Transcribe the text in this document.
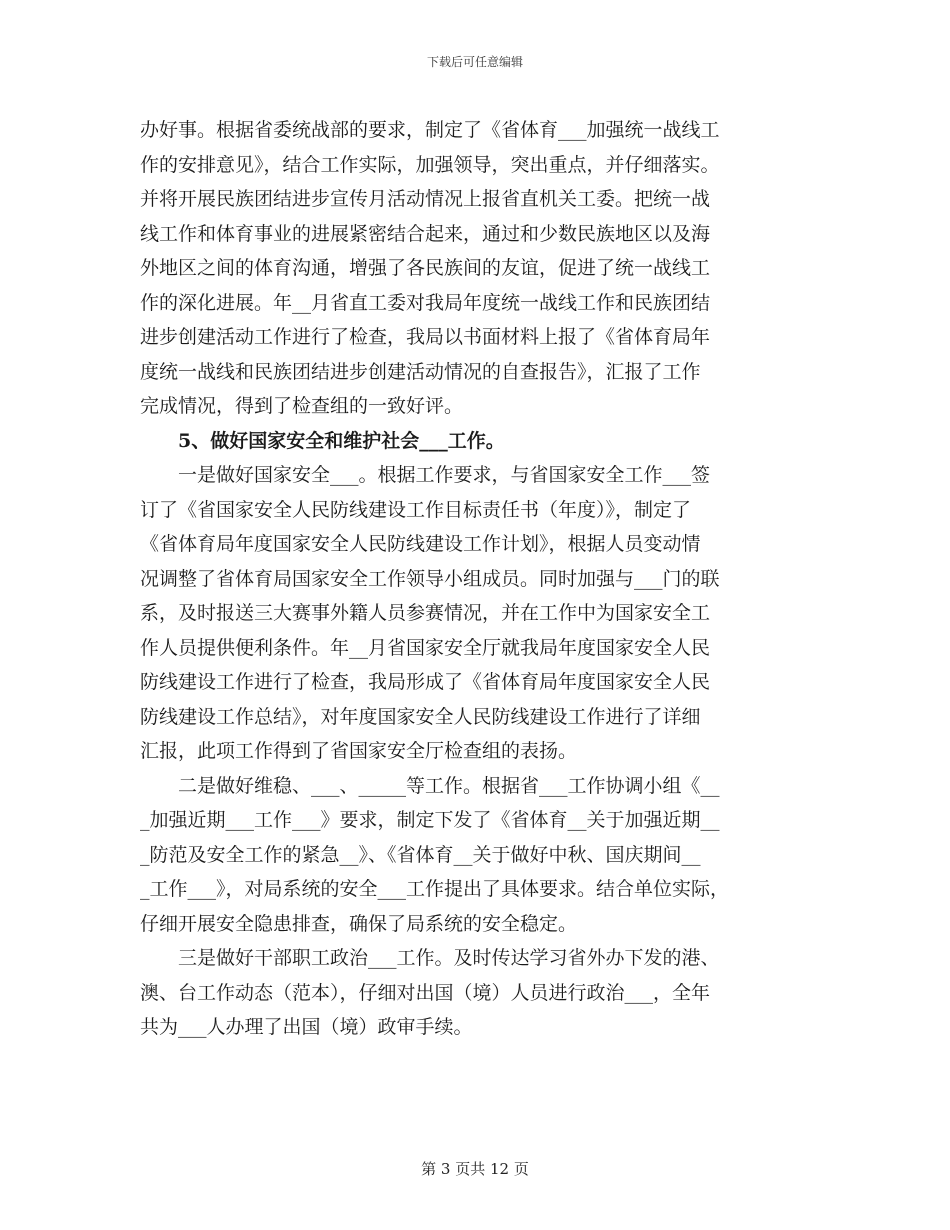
下载后可任意编辑
办好事。根据省委统战部的要求，制定了《省体育___加强统一战线工
作的安排意见》，结合工作实际，加强领导，突出重点，并仔细落实。
并将开展民族团结进步宣传月活动情况上报省直机关工委。把统一战
线工作和体育事业的进展紧密结合起来，通过和少数民族地区以及海
外地区之间的体育沟通，增强了各民族间的友谊，促进了统一战线工
作的深化进展。年__月省直工委对我局年度统一战线工作和民族团结
进步创建活动工作进行了检查，我局以书面材料上报了《省体育局年
度统一战线和民族团结进步创建活动情况的自查报告》，汇报了工作
完成情况，得到了检查组的一致好评。
　　5、做好国家安全和维护社会___工作。
　　一是做好国家安全___。根据工作要求，与省国家安全工作___签
订了《省国家安全人民防线建设工作目标责任书（年度）》，制定了
《省体育局年度国家安全人民防线建设工作计划》，根据人员变动情
况调整了省体育局国家安全工作领导小组成员。同时加强与___门的联
系，及时报送三大赛事外籍人员参赛情况，并在工作中为国家安全工
作人员提供便利条件。年__月省国家安全厅就我局年度国家安全人民
防线建设工作进行了检查，我局形成了《省体育局年度国家安全人民
防线建设工作总结》，对年度国家安全人民防线建设工作进行了详细
汇报，此项工作得到了省国家安全厅检查组的表扬。
　　二是做好维稳、___、_____等工作。根据省___工作协调小组《__
_加强近期___工作___》要求，制定下发了《省体育__关于加强近期__
_防范及安全工作的紧急__》、《省体育__关于做好中秋、国庆期间__
_工作___》，对局系统的安全___工作提出了具体要求。结合单位实际，
仔细开展安全隐患排查，确保了局系统的安全稳定。
　　三是做好干部职工政治___工作。及时传达学习省外办下发的港、
澳、台工作动态（范本），仔细对出国（境）人员进行政治___，全年
共为___人办理了出国（境）政审手续。
第 3 页共 12 页
